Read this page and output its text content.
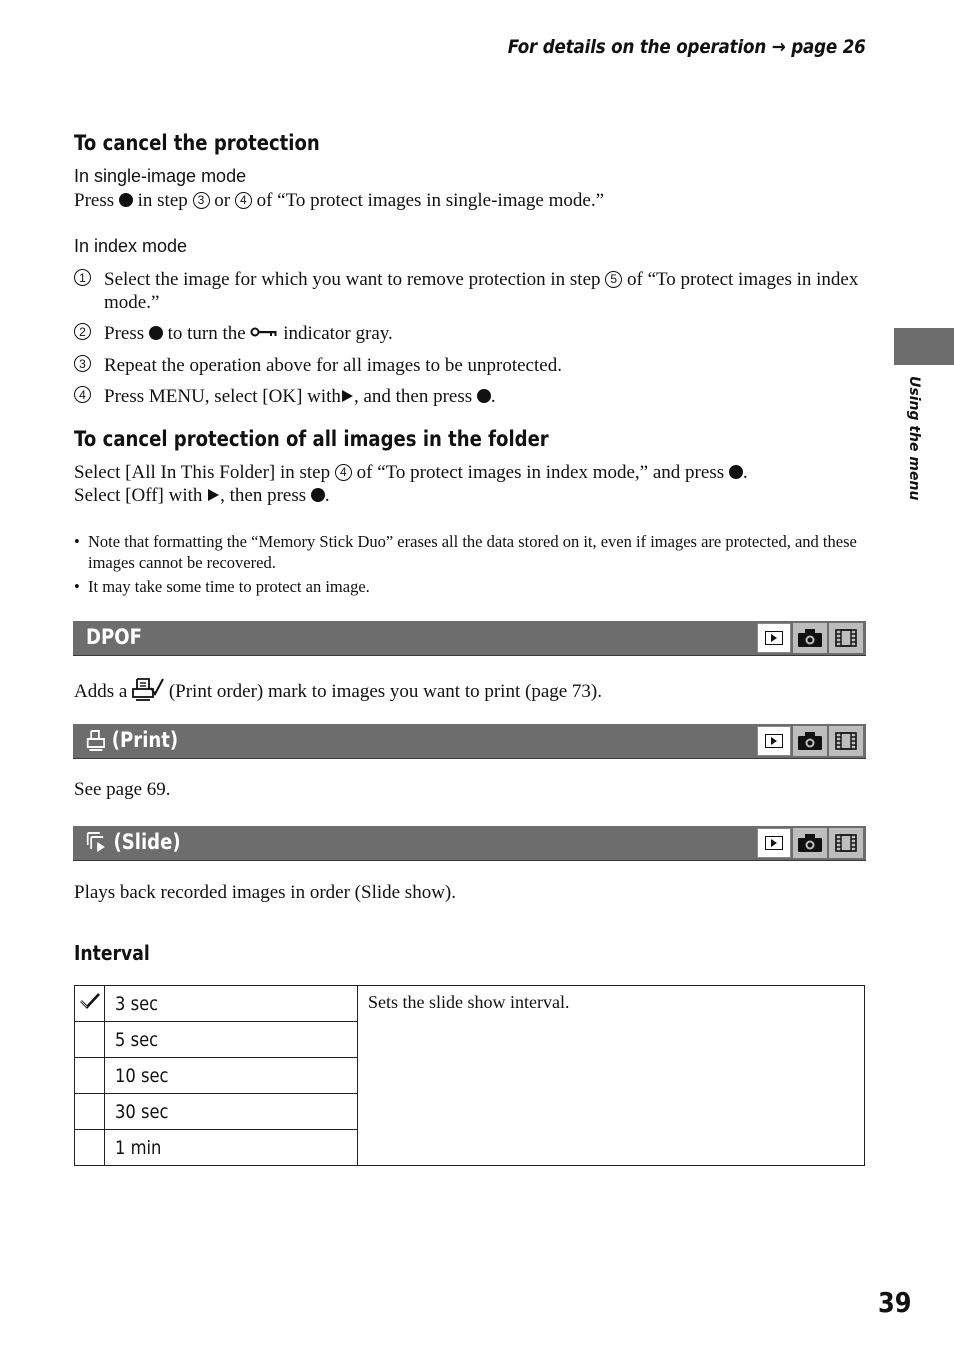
For details on the operation → page 26
Using the menu
To cancel the protection
In single-image mode
Press in step 3 or 4 of “To protect images in single-image mode.”
In index mode
1 Select the image for which you want to remove protection in step 5 of “To protect images in index mode.”
2 Press to turn the indicator gray.
3 Repeat the operation above for all images to be unprotected.
4 Press MENU, select [OK] with , and then press .
To cancel protection of all images in the folder
Select [All In This Folder] in step 4 of “To protect images in index mode,” and press .
Select [Off] with , then press .
• Note that formatting the “Memory Stick Duo” erases all the data stored on it, even if images are protected, and these images cannot be recovered.
• It may take some time to protect an image.
DPOF
Adds a (Print order) mark to images you want to print (page 73).
(Print)
See page 69.
(Slide)
Plays back recorded images in order (Slide show).
Interval
	3 sec	Sets the slide show interval.
	5 sec	
	10 sec	
	30 sec	
	1 min	
39
